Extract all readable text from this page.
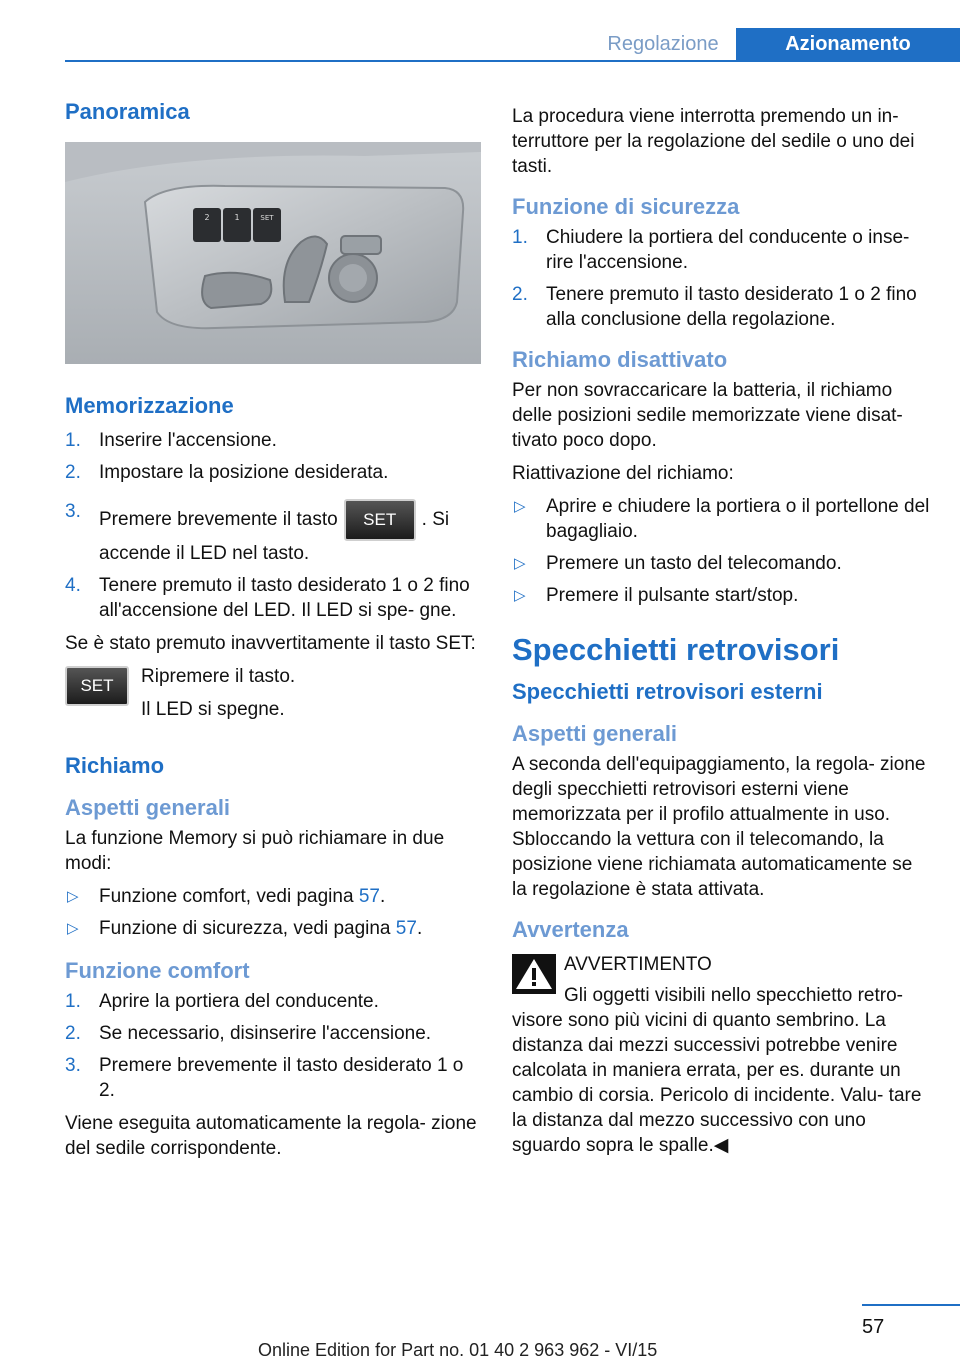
Regolazione	Azionamento
Panoramica
2	1	SET
Memorizzazione
1. Inserire l'accensione.
2. Impostare la posizione desiderata.
3. Premere brevemente il tasto SET . Si accende il LED nel tasto.
4. Tenere premuto il tasto desiderato 1 o 2 fino all'accensione del LED. Il LED si spe‐ gne.

Se è stato premuto inavvertitamente il tasto SET:

SET	Ripremere il tasto.

Il LED si spegne.

Richiamo
Aspetti generali

La funzione Memory si può richiamare in due modi:

▷ Funzione comfort, vedi pagina 57.
▷ Funzione di sicurezza, vedi pagina 57.
Funzione comfort
1. Aprire la portiera del conducente.
2. Se necessario, disinserire l'accensione.
3. Premere brevemente il tasto desiderato 1 o 2.

Viene eseguita automaticamente la regola‐ zione del sedile corrispondente.

La procedura viene interrotta premendo un in‐ terruttore per la regolazione del sedile o uno dei tasti.

Funzione di sicurezza
1. Chiudere la portiera del conducente o inse‐ rire l'accensione.
2. Tenere premuto il tasto desiderato 1 o 2 fino alla conclusione della regolazione.
Richiamo disattivato

Per non sovraccaricare la batteria, il richiamo delle posizioni sedile memorizzate viene disat‐ tivato poco dopo.

Riattivazione del richiamo:

▷ Aprire e chiudere la portiera o il portellone del bagagliaio.
▷ Premere un tasto del telecomando.
▷ Premere il pulsante start/stop.
Specchietti retrovisori
Specchietti retrovisori esterni
Aspetti generali

A seconda dell'equipaggiamento, la regola‐ zione degli specchietti retrovisori esterni viene memorizzata per il profilo attualmente in uso. Sbloccando la vettura con il telecomando, la posizione viene richiamata automaticamente se la regolazione è stata attivata.

Avvertenza
AVVERTIMENTO

Gli oggetti visibili nello specchietto retro‐

visore sono più vicini di quanto sembrino. La distanza dai mezzi successivi potrebbe venire calcolata in maniera errata, per es. durante un cambio di corsia. Pericolo di incidente. Valu‐ tare la distanza dal mezzo successivo con uno sguardo sopra le spalle.◀

57
Online Edition for Part no. 01 40 2 963 962 - VI/15
